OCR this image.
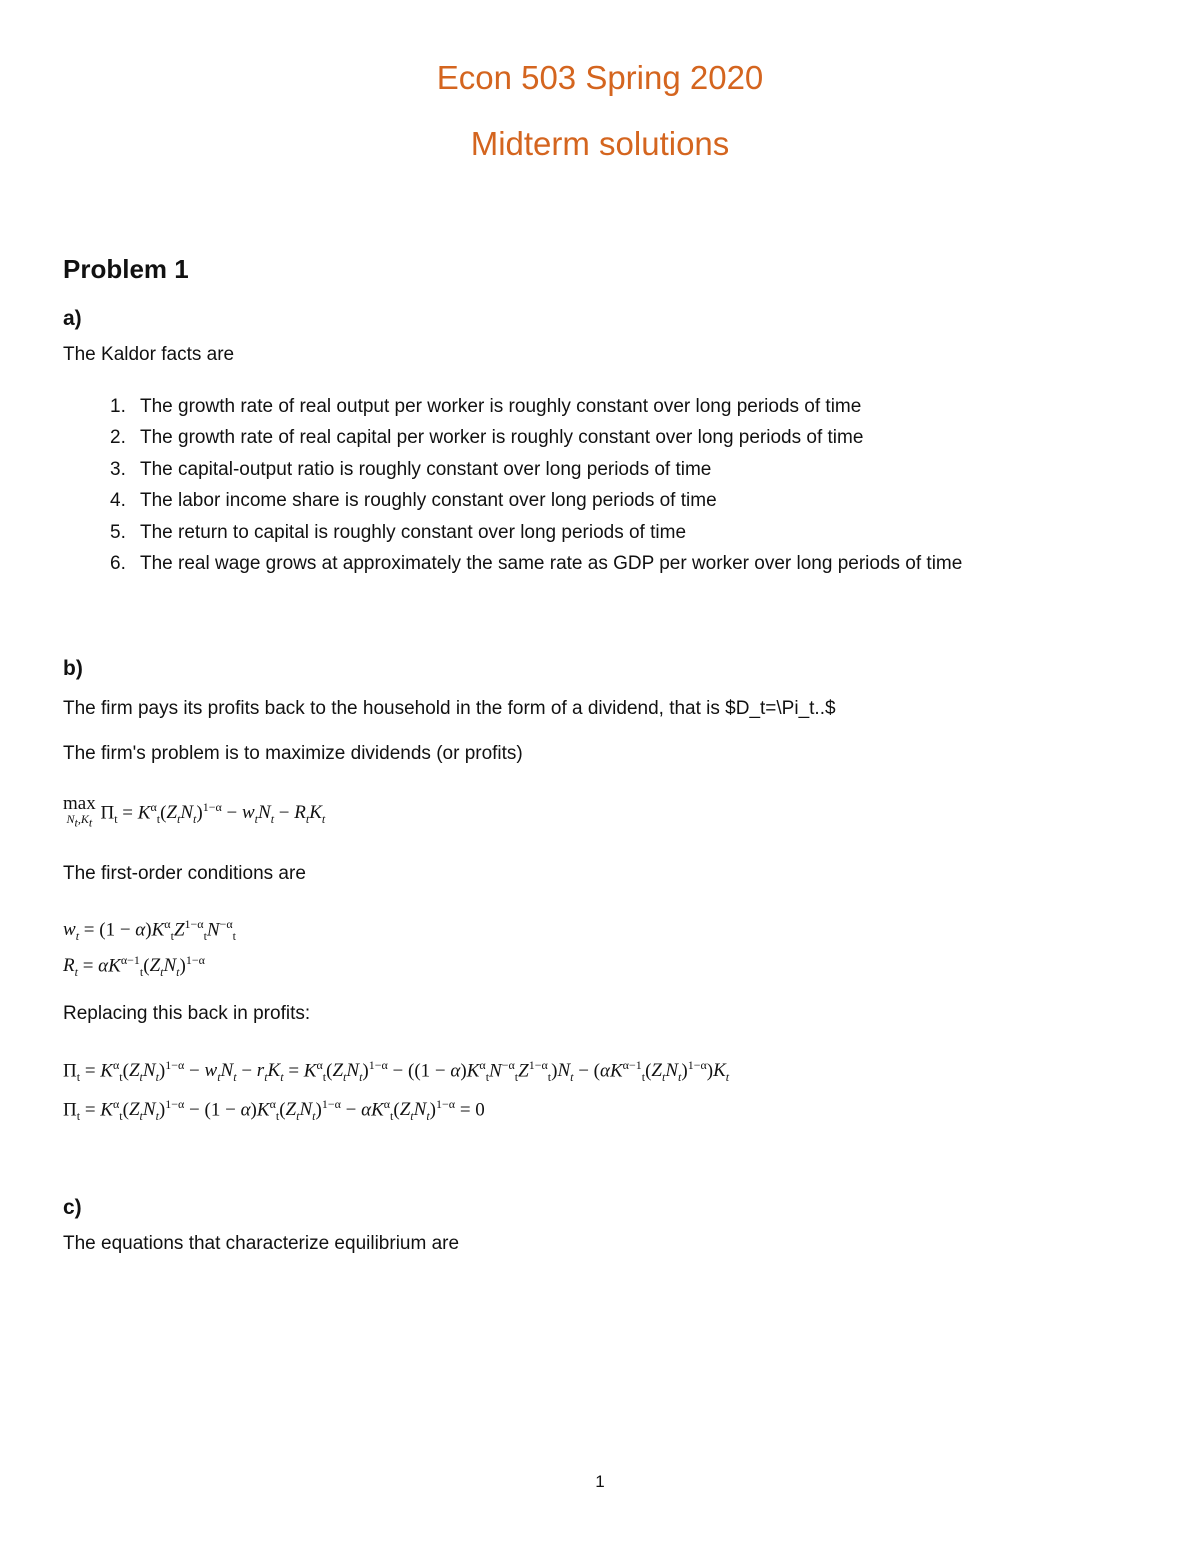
Econ 503 Spring 2020
Midterm solutions
Problem 1
a)
The Kaldor facts are
1. The growth rate of real output per worker is roughly constant over long periods of time
2. The growth rate of real capital per worker is roughly constant over long periods of time
3. The capital-output ratio is roughly constant over long periods of time
4. The labor income share is roughly constant over long periods of time
5. The return to capital is roughly constant over long periods of time
6. The real wage grows at approximately the same rate as GDP per worker over long periods of time
b)
The firm pays its profits back to the household in the form of a dividend, that is $D_t=\Pi_t..$
The firm's problem is to maximize dividends (or profits)
max
$N_t,K_t$ $\Pi_t = K^\alpha_t(Z_tN_t)^{1-\alpha} - w_tN_t - R_tK_t$
The first-order conditions are
$w_t = (1 - \alpha)K^\alpha_tZ^{1-\alpha}_tN^{-\alpha}_t$
$R_t = \alpha K^{\alpha-1}_t(Z_tN_t)^{1-\alpha}$
Replacing this back in profits:
$\Pi_t = K^\alpha_t(Z_tN_t)^{1-\alpha} - w_tN_t - r_tK_t = K^\alpha_t(Z_tN_t)^{1-\alpha} - ((1 - \alpha)K^\alpha_tN^{-\alpha}_tZ^{1-\alpha}_t)N_t - (\alpha K^{\alpha-1}_t(Z_tN_t)^{1-\alpha})K_t$
$\Pi_t = K^\alpha_t(Z_tN_t)^{1-\alpha} - (1 - \alpha)K^\alpha_t(Z_tN_t)^{1-\alpha} - \alpha K^\alpha_t(Z_tN_t)^{1-\alpha} = 0$
c)
The equations that characterize equilibrium are
1
